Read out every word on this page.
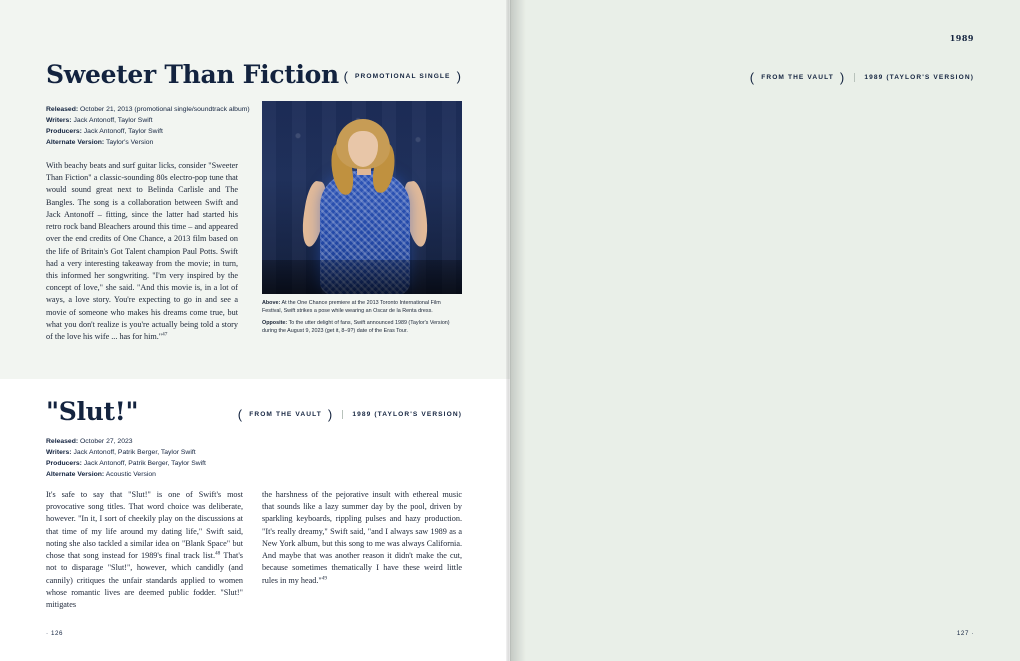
Sweeter Than Fiction ( PROMOTIONAL SINGLE )
Released: October 21, 2013 (promotional single/soundtrack album)
Writers: Jack Antonoff, Taylor Swift
Producers: Jack Antonoff, Taylor Swift
Alternate Version: Taylor's Version
With beachy beats and surf guitar licks, consider "Sweeter Than Fiction" a classic-sounding 80s electro-pop tune that would sound great next to Belinda Carlisle and The Bangles. The song is a collaboration between Swift and Jack Antonoff – fitting, since the latter had started his retro rock band Bleachers around this time – and appeared over the end credits of One Chance, a 2013 film based on the life of Britain's Got Talent champion Paul Potts. Swift had a very interesting takeaway from the movie; in turn, this informed her songwriting. "I'm very inspired by the concept of love," she said. "And this movie is, in a lot of ways, a love story. You're expecting to go in and see a movie of someone who makes his dreams come true, but what you don't realize is you're actually being told a story of the love his wife ... has for him."$^{47}$
Above: At the One Chance premiere at the 2013 Toronto International Film Festival, Swift strikes a pose while wearing an Oscar de la Renta dress.
Opposite: To the utter delight of fans, Swift announced 1989 (Taylor's Version) during the August 9, 2023 (get it, 8–9?) date of the Eras Tour.
"Slut!"	( FROM THE VAULT )	1989 (TAYLOR'S VERSION)
Released: October 27, 2023
Writers: Jack Antonoff, Patrik Berger, Taylor Swift
Producers: Jack Antonoff, Patrik Berger, Taylor Swift
Alternate Version: Acoustic Version
It's safe to say that "Slut!" is one of Swift's most provocative song titles. That word choice was deliberate, however. "In it, I sort of cheekily play on the discussions at that time of my life around my dating life," Swift said, noting she also tackled a similar idea on "Blank Space" but chose that song instead for 1989's final track list.$^{48}$ That's not to disparage "Slut!", however, which candidly (and cannily) critiques the unfair standards applied to women whose romantic lives are deemed public fodder. "Slut!" mitigates
the harshness of the pejorative insult with ethereal music that sounds like a lazy summer day by the pool, driven by sparkling keyboards, rippling pulses and hazy production. "It's really dreamy," Swift said, "and I always saw 1989 as a New York album, but this song to me was always California. And maybe that was another reason it didn't make the cut, because sometimes thematically I have these weird little rules in my head."$^{49}$
· 126
1989
( FROM THE VAULT )	1989 (TAYLOR'S VERSION)
127 ·
